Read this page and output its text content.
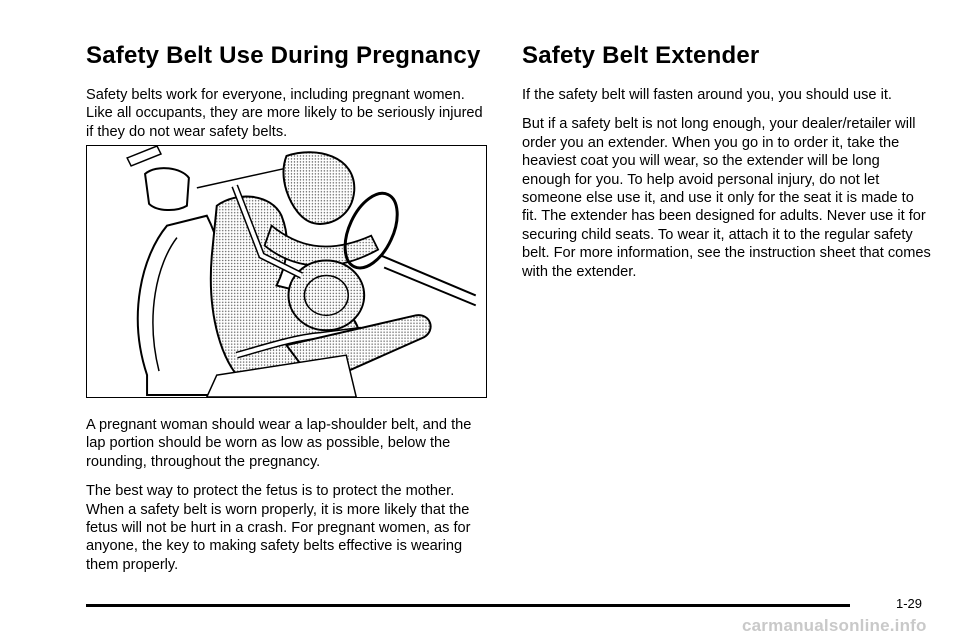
Safety Belt Use During Pregnancy

Safety belts work for everyone, including pregnant women. Like all occupants, they are more likely to be seriously injured if they do not wear safety belts.

A pregnant woman should wear a lap-shoulder belt, and the lap portion should be worn as low as possible, below the rounding, throughout the pregnancy.

The best way to protect the fetus is to protect the mother. When a safety belt is worn properly, it is more likely that the fetus will not be hurt in a crash. For pregnant women, as for anyone, the key to making safety belts effective is wearing them properly.

Safety Belt Extender

If the safety belt will fasten around you, you should use it.

But if a safety belt is not long enough, your dealer/retailer will order you an extender. When you go in to order it, take the heaviest coat you will wear, so the extender will be long enough for you. To help avoid personal injury, do not let someone else use it, and use it only for the seat it is made to fit. The extender has been designed for adults. Never use it for securing child seats. To wear it, attach it to the regular safety belt. For more information, see the instruction sheet that comes with the extender.

1-29
carmanualsonline.info
